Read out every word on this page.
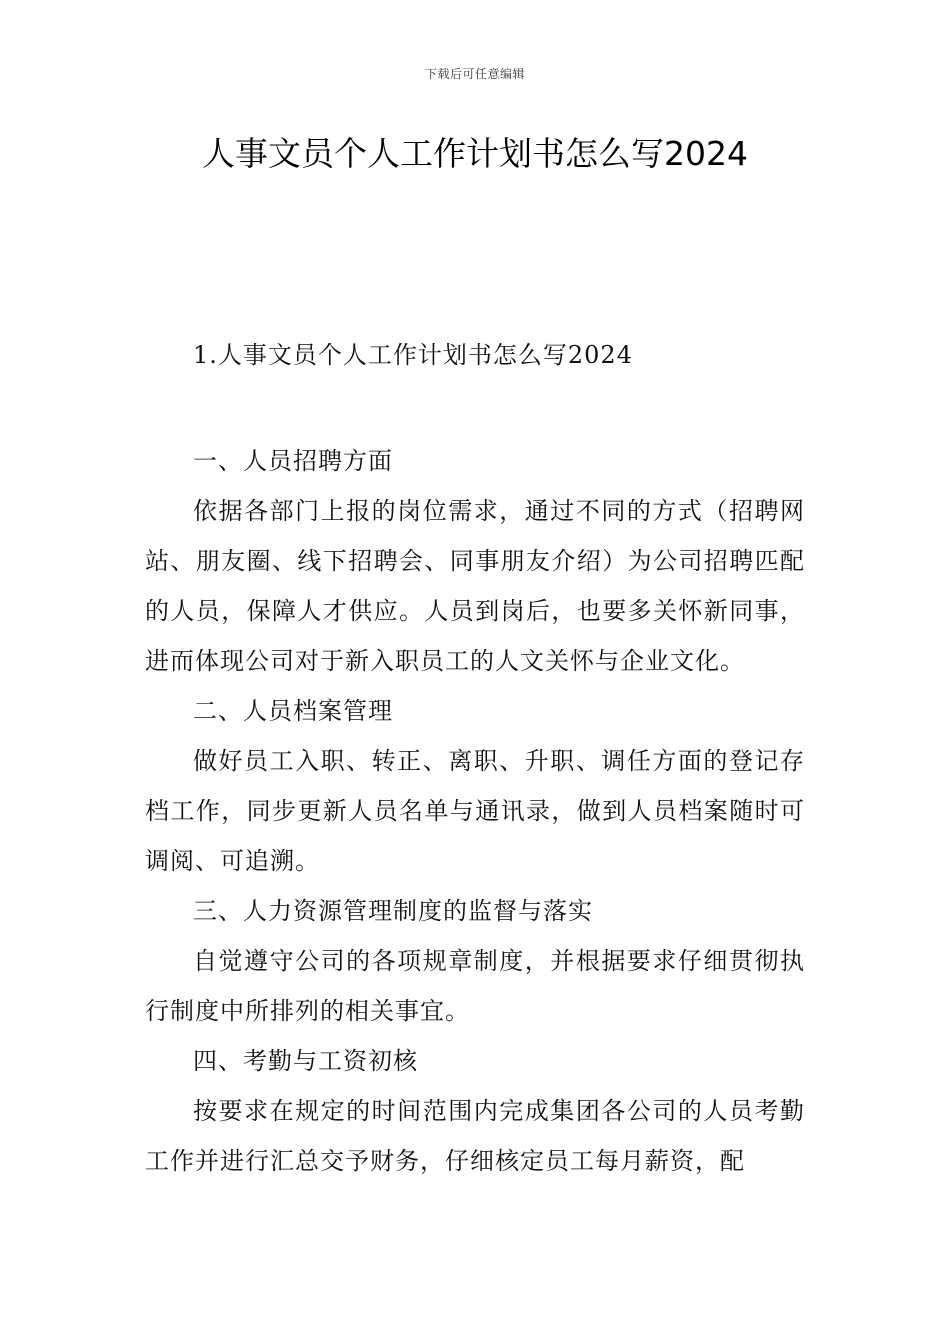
下载后可任意编辑
人事文员个人工作计划书怎么写2024

1.人事文员个人工作计划书怎么写2024

一、人员招聘方面

依据各部门上报的岗位需求，通过不同的方式（招聘网站、朋友圈、线下招聘会、同事朋友介绍）为公司招聘匹配的人员，保障人才供应。人员到岗后，也要多关怀新同事，进而体现公司对于新入职员工的人文关怀与企业文化。

二、人员档案管理

做好员工入职、转正、离职、升职、调任方面的登记存档工作，同步更新人员名单与通讯录，做到人员档案随时可调阅、可追溯。

三、人力资源管理制度的监督与落实

自觉遵守公司的各项规章制度，并根据要求仔细贯彻执行制度中所排列的相关事宜。

四、考勤与工资初核

按要求在规定的时间范围内完成集团各公司的人员考勤工作并进行汇总交予财务，仔细核定员工每月薪资，配
